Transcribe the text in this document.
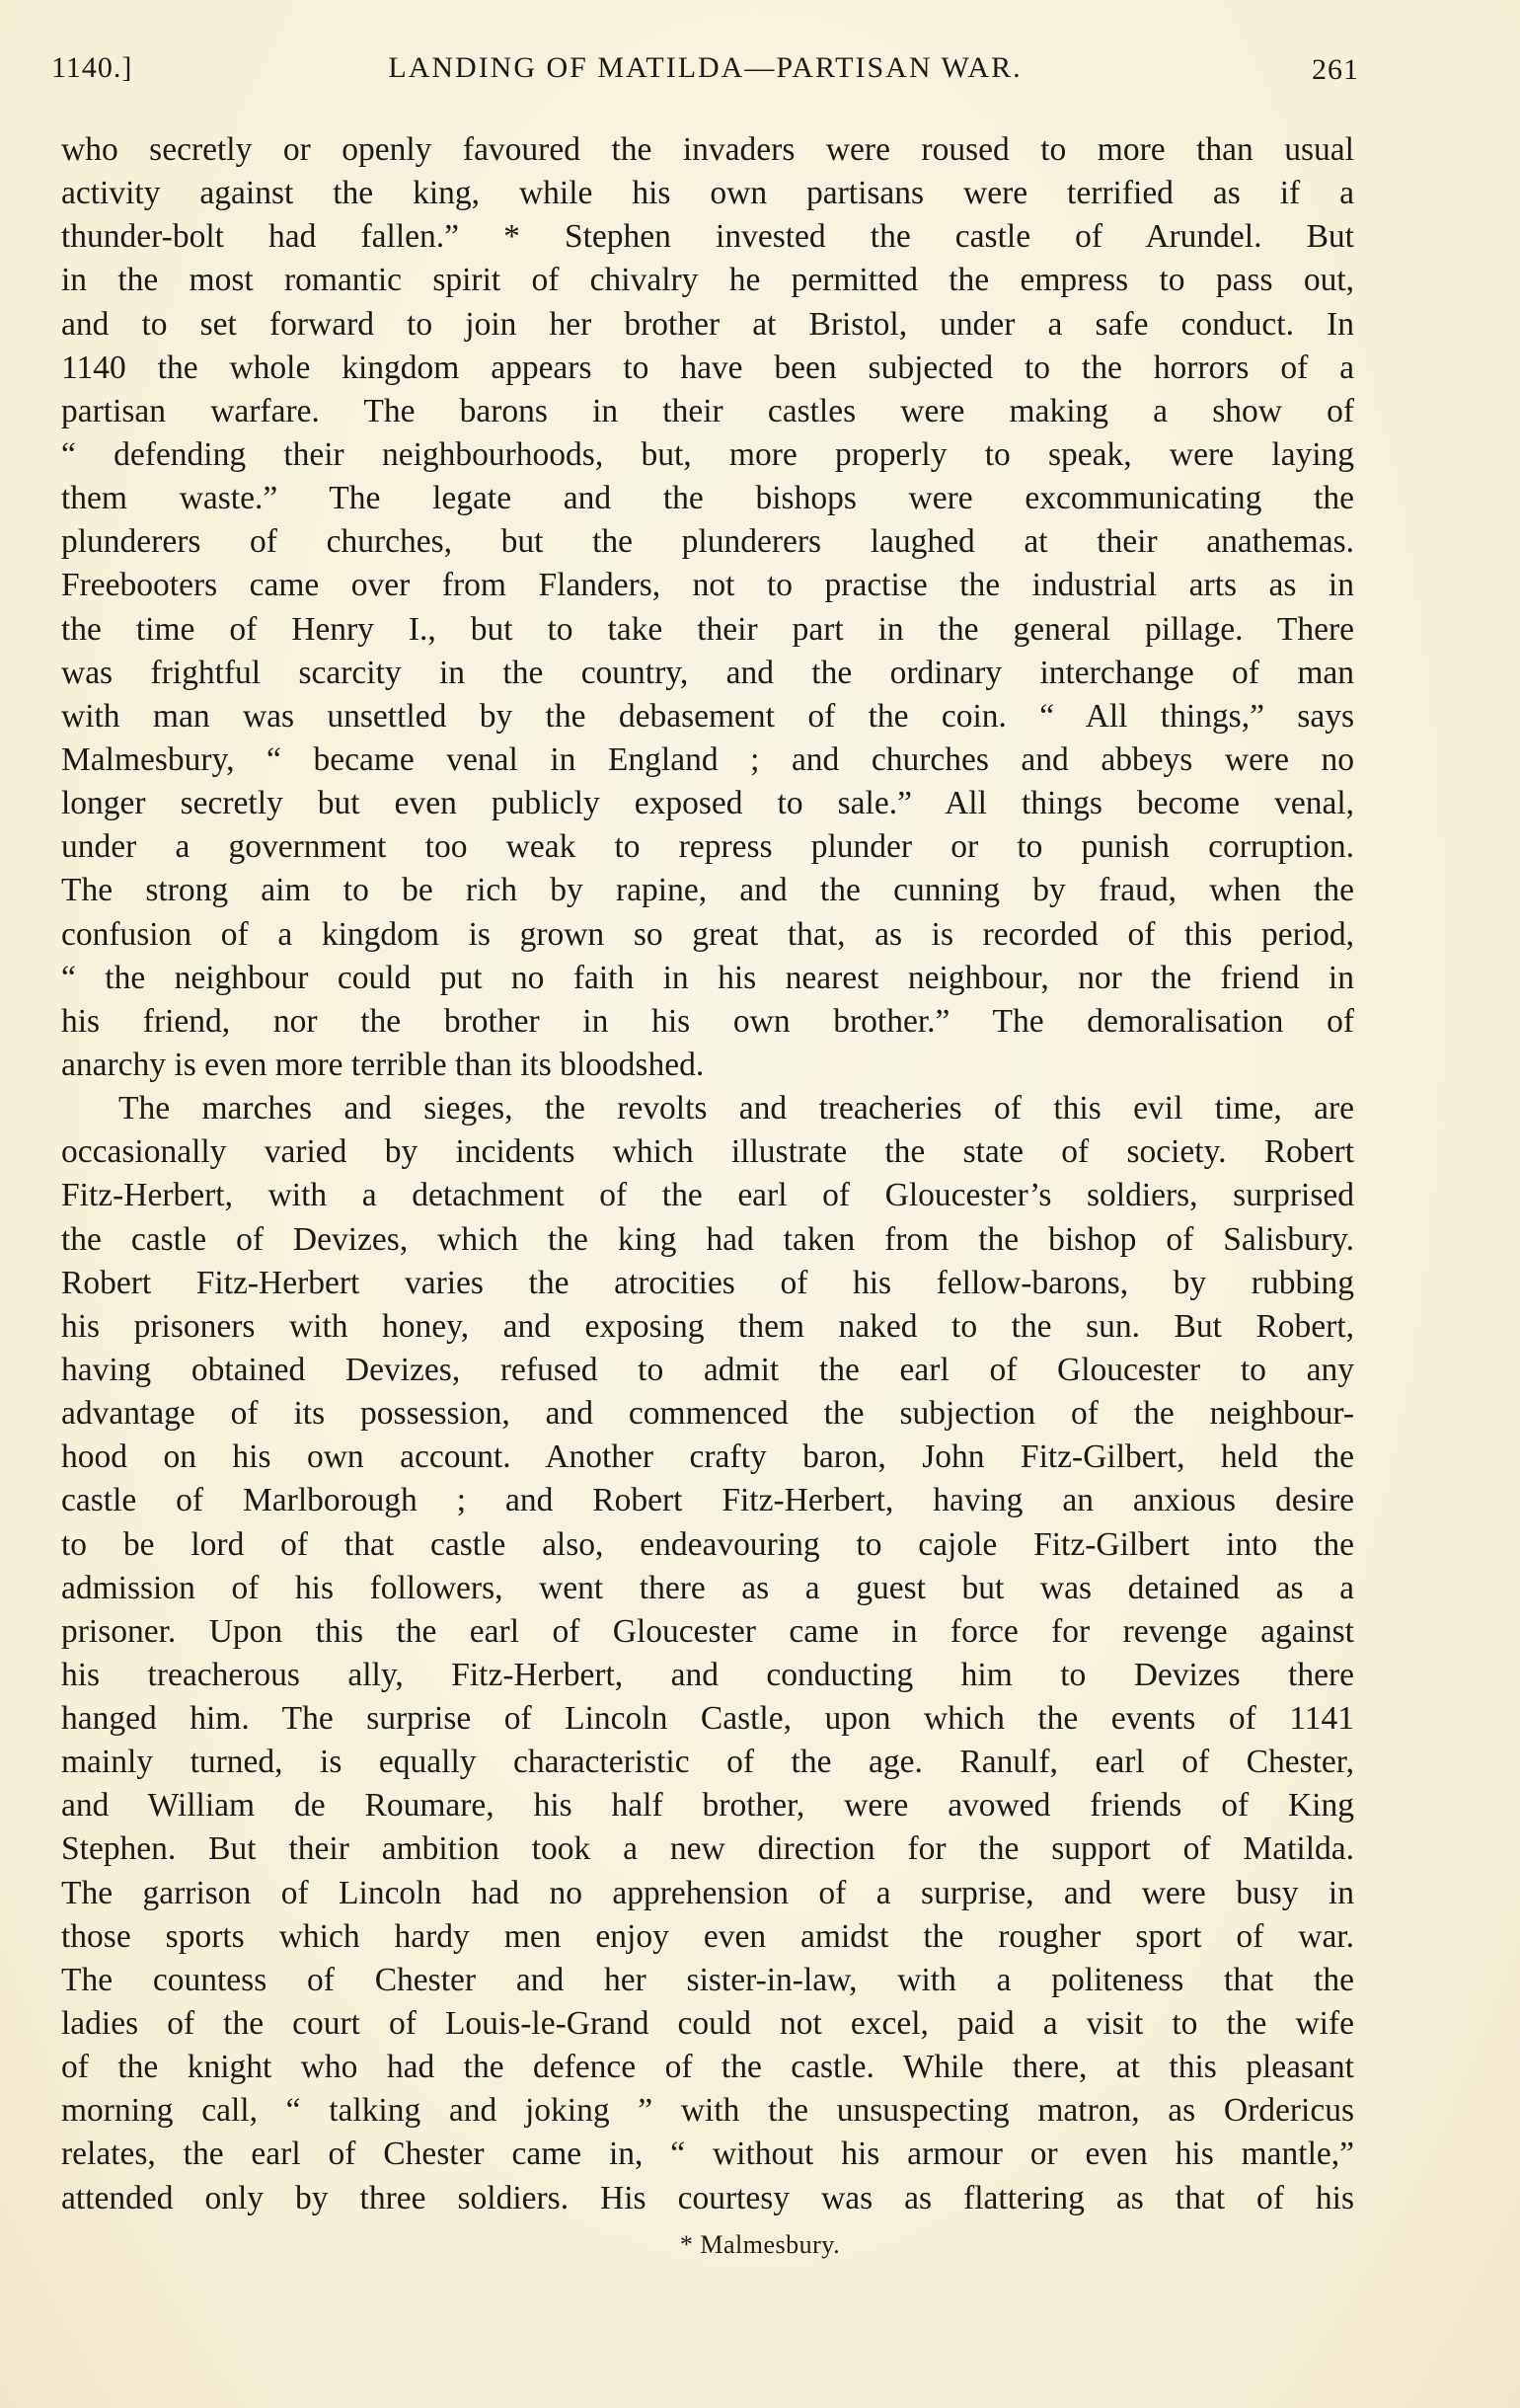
1140.]	LANDING OF MATILDA—PARTISAN WAR.	261
who secretly or openly favoured the invaders were roused to more than usual
activity against the king, while his own partisans were terrified as if a
thunder-bolt had fallen.” * Stephen invested the castle of Arundel. But
in the most romantic spirit of chivalry he permitted the empress to pass out,
and to set forward to join her brother at Bristol, under a safe conduct. In
1140 the whole kingdom appears to have been subjected to the horrors of a
partisan warfare. The barons in their castles were making a show of
“ defending their neighbourhoods, but, more properly to speak, were laying
them waste.” The legate and the bishops were excommunicating the
plunderers of churches, but the plunderers laughed at their anathemas.
Freebooters came over from Flanders, not to practise the industrial arts as in
the time of Henry I., but to take their part in the general pillage. There
was frightful scarcity in the country, and the ordinary interchange of man
with man was unsettled by the debasement of the coin. “ All things,” says
Malmesbury, “ became venal in England ; and churches and abbeys were no
longer secretly but even publicly exposed to sale.” All things become venal,
under a government too weak to repress plunder or to punish corruption.
The strong aim to be rich by rapine, and the cunning by fraud, when the
confusion of a kingdom is grown so great that, as is recorded of this period,
“ the neighbour could put no faith in his nearest neighbour, nor the friend in
his friend, nor the brother in his own brother.” The demoralisation of
anarchy is even more terrible than its bloodshed.
The marches and sieges, the revolts and treacheries of this evil time, are
occasionally varied by incidents which illustrate the state of society. Robert
Fitz-Herbert, with a detachment of the earl of Gloucester’s soldiers, surprised
the castle of Devizes, which the king had taken from the bishop of Salisbury.
Robert Fitz-Herbert varies the atrocities of his fellow-barons, by rubbing
his prisoners with honey, and exposing them naked to the sun. But Robert,
having obtained Devizes, refused to admit the earl of Gloucester to any
advantage of its possession, and commenced the subjection of the neighbour-
hood on his own account. Another crafty baron, John Fitz-Gilbert, held the
castle of Marlborough ; and Robert Fitz-Herbert, having an anxious desire
to be lord of that castle also, endeavouring to cajole Fitz-Gilbert into the
admission of his followers, went there as a guest but was detained as a
prisoner. Upon this the earl of Gloucester came in force for revenge against
his treacherous ally, Fitz-Herbert, and conducting him to Devizes there
hanged him. The surprise of Lincoln Castle, upon which the events of 1141
mainly turned, is equally characteristic of the age. Ranulf, earl of Chester,
and William de Roumare, his half brother, were avowed friends of King
Stephen. But their ambition took a new direction for the support of Matilda.
The garrison of Lincoln had no apprehension of a surprise, and were busy in
those sports which hardy men enjoy even amidst the rougher sport of war.
The countess of Chester and her sister-in-law, with a politeness that the
ladies of the court of Louis-le-Grand could not excel, paid a visit to the wife
of the knight who had the defence of the castle. While there, at this pleasant
morning call, “ talking and joking ” with the unsuspecting matron, as Ordericus
relates, the earl of Chester came in, “ without his armour or even his mantle,”
attended only by three soldiers. His courtesy was as flattering as that of his
* Malmesbury.
